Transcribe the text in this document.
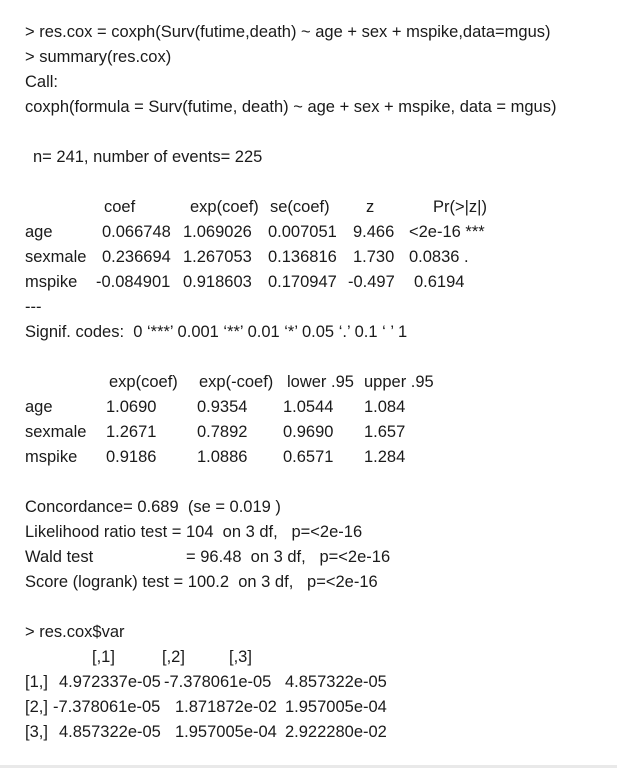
> res.cox = coxph(Surv(futime,death) ~ age + sex + mspike,data=mgus)
> summary(res.cox)
Call:
coxph(formula = Surv(futime, death) ~ age + sex + mspike, data = mgus)
n= 241, number of events= 225
coef	exp(coef) se(coef) z	Pr(>|z|)
age	0.066748 1.069026 0.007051 9.466 <2e-16 ***
sexmale 0.236694 1.267053 0.136816 1.730 0.0836 .
mspike -0.084901 0.918603 0.170947 -0.497 0.6194
---
Signif. codes:  0 ‘***’ 0.001 ‘**’ 0.01 ‘*’ 0.05 ‘.’ 0.1 ‘ ’ 1
exp(coef) exp(-coef) lower .95 upper .95
age	1.0690 0.9354 1.0544 1.084
sexmale 1.2671 0.7892 0.9690 1.657
mspike 0.9186 1.0886 0.6571 1.284
Concordance= 0.689  (se = 0.019 )
Likelihood ratio test = 104  on 3 df,   p=<2e-16
Wald test	= 96.48  on 3 df,   p=<2e-16
Score (logrank) test = 100.2  on 3 df,   p=<2e-16
> res.cox$var
[,1]	[,2]	[,3]
[1,] 4.972337e-05 -7.378061e-05 4.857322e-05
[2,] -7.378061e-05 1.871872e-02 1.957005e-04
[3,] 4.857322e-05 1.957005e-04 2.922280e-02
